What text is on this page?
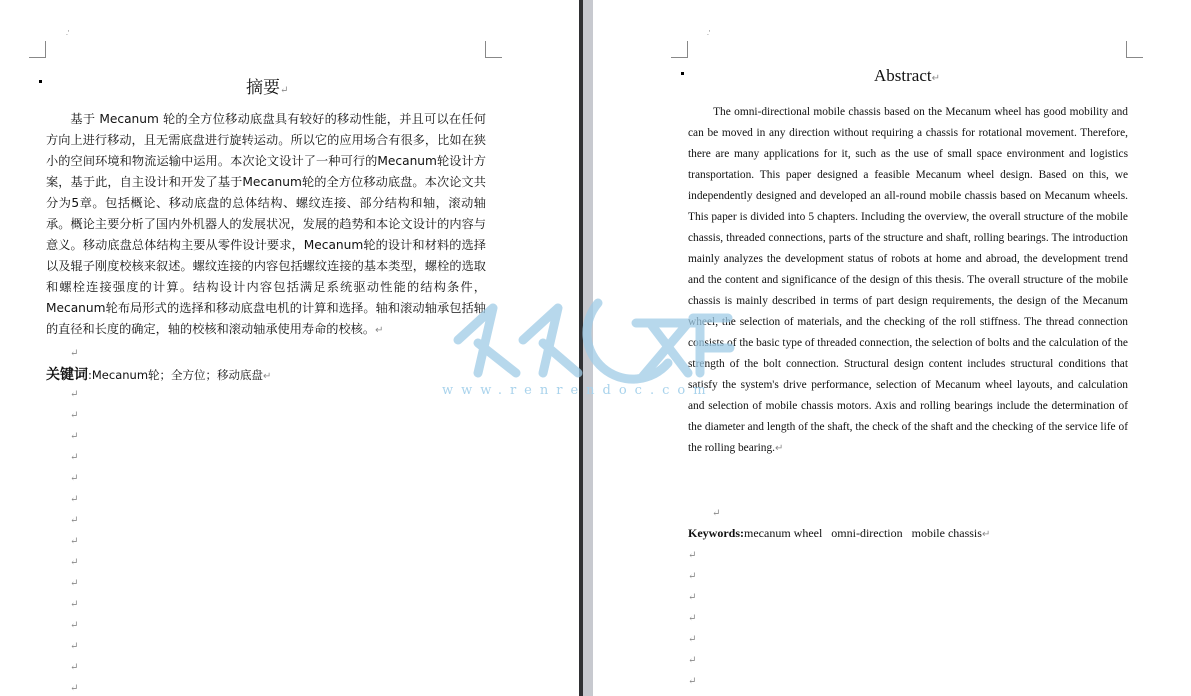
.'
摘要↵
基于 Mecanum 轮的全方位移动底盘具有较好的移动性能，并且可以在任何方向上进行移动，且无需底盘进行旋转运动。所以它的应用场合有很多，比如在狭小的空间环境和物流运输中运用。本次论文设计了一种可行的Mecanum轮设计方案，基于此，自主设计和开发了基于Mecanum轮的全方位移动底盘。本次论文共分为5章。包括概论、移动底盘的总体结构、螺纹连接、部分结构和轴，滚动轴承。概论主要分析了国内外机器人的发展状况，发展的趋势和本论文设计的内容与意义。移动底盘总体结构主要从零件设计要求，Mecanum轮的设计和材料的选择以及辊子刚度校核来叙述。螺纹连接的内容包括螺纹连接的基本类型，螺栓的选取和螺栓连接强度的计算。结构设计内容包括满足系统驱动性能的结构条件，Mecanum轮布局形式的选择和移动底盘电机的计算和选择。轴和滚动轴承包括轴的直径和长度的确定，轴的校核和滚动轴承使用寿命的校核。↵
↵
关键词:Mecanum轮；全方位；移动底盘↵
↵
↵
↵
↵
↵
↵
↵
↵
↵
↵
↵
↵
↵
↵
↵
.'
Abstract↵
The omni-directional mobile chassis based on the Mecanum wheel has good mobility and can be moved in any direction without requiring a chassis for rotational movement. Therefore, there are many applications for it, such as the use of small space environment and logistics transportation. This paper designed a feasible Mecanum wheel design. Based on this, we independently designed and developed an all-round mobile chassis based on Mecanum wheels. This paper is divided into 5 chapters. Including the overview, the overall structure of the mobile chassis, threaded connections, parts of the structure and shaft, rolling bearings. The introduction mainly analyzes the development status of robots at home and abroad, the development trend and the content and significance of the design of this thesis. The overall structure of the mobile chassis is mainly described in terms of part design requirements, the design of the Mecanum wheel, the selection of materials, and the checking of the roll stiffness. The thread connection consists of the basic type of threaded connection, the selection of bolts and the calculation of the strength of the bolt connection. Structural design content includes structural conditions that satisfy the system's drive performance, selection of Mecanum wheel layouts, and calculation and selection of mobile chassis motors. Axis and rolling bearings include the determination of the diameter and length of the shaft, the check of the shaft and the checking of the service life of the rolling bearing.↵
↵
Keywords:mecanum wheel   omni-direction   mobile chassis↵
↵
↵
↵
↵
↵
↵
↵
www.renrendoc.com
